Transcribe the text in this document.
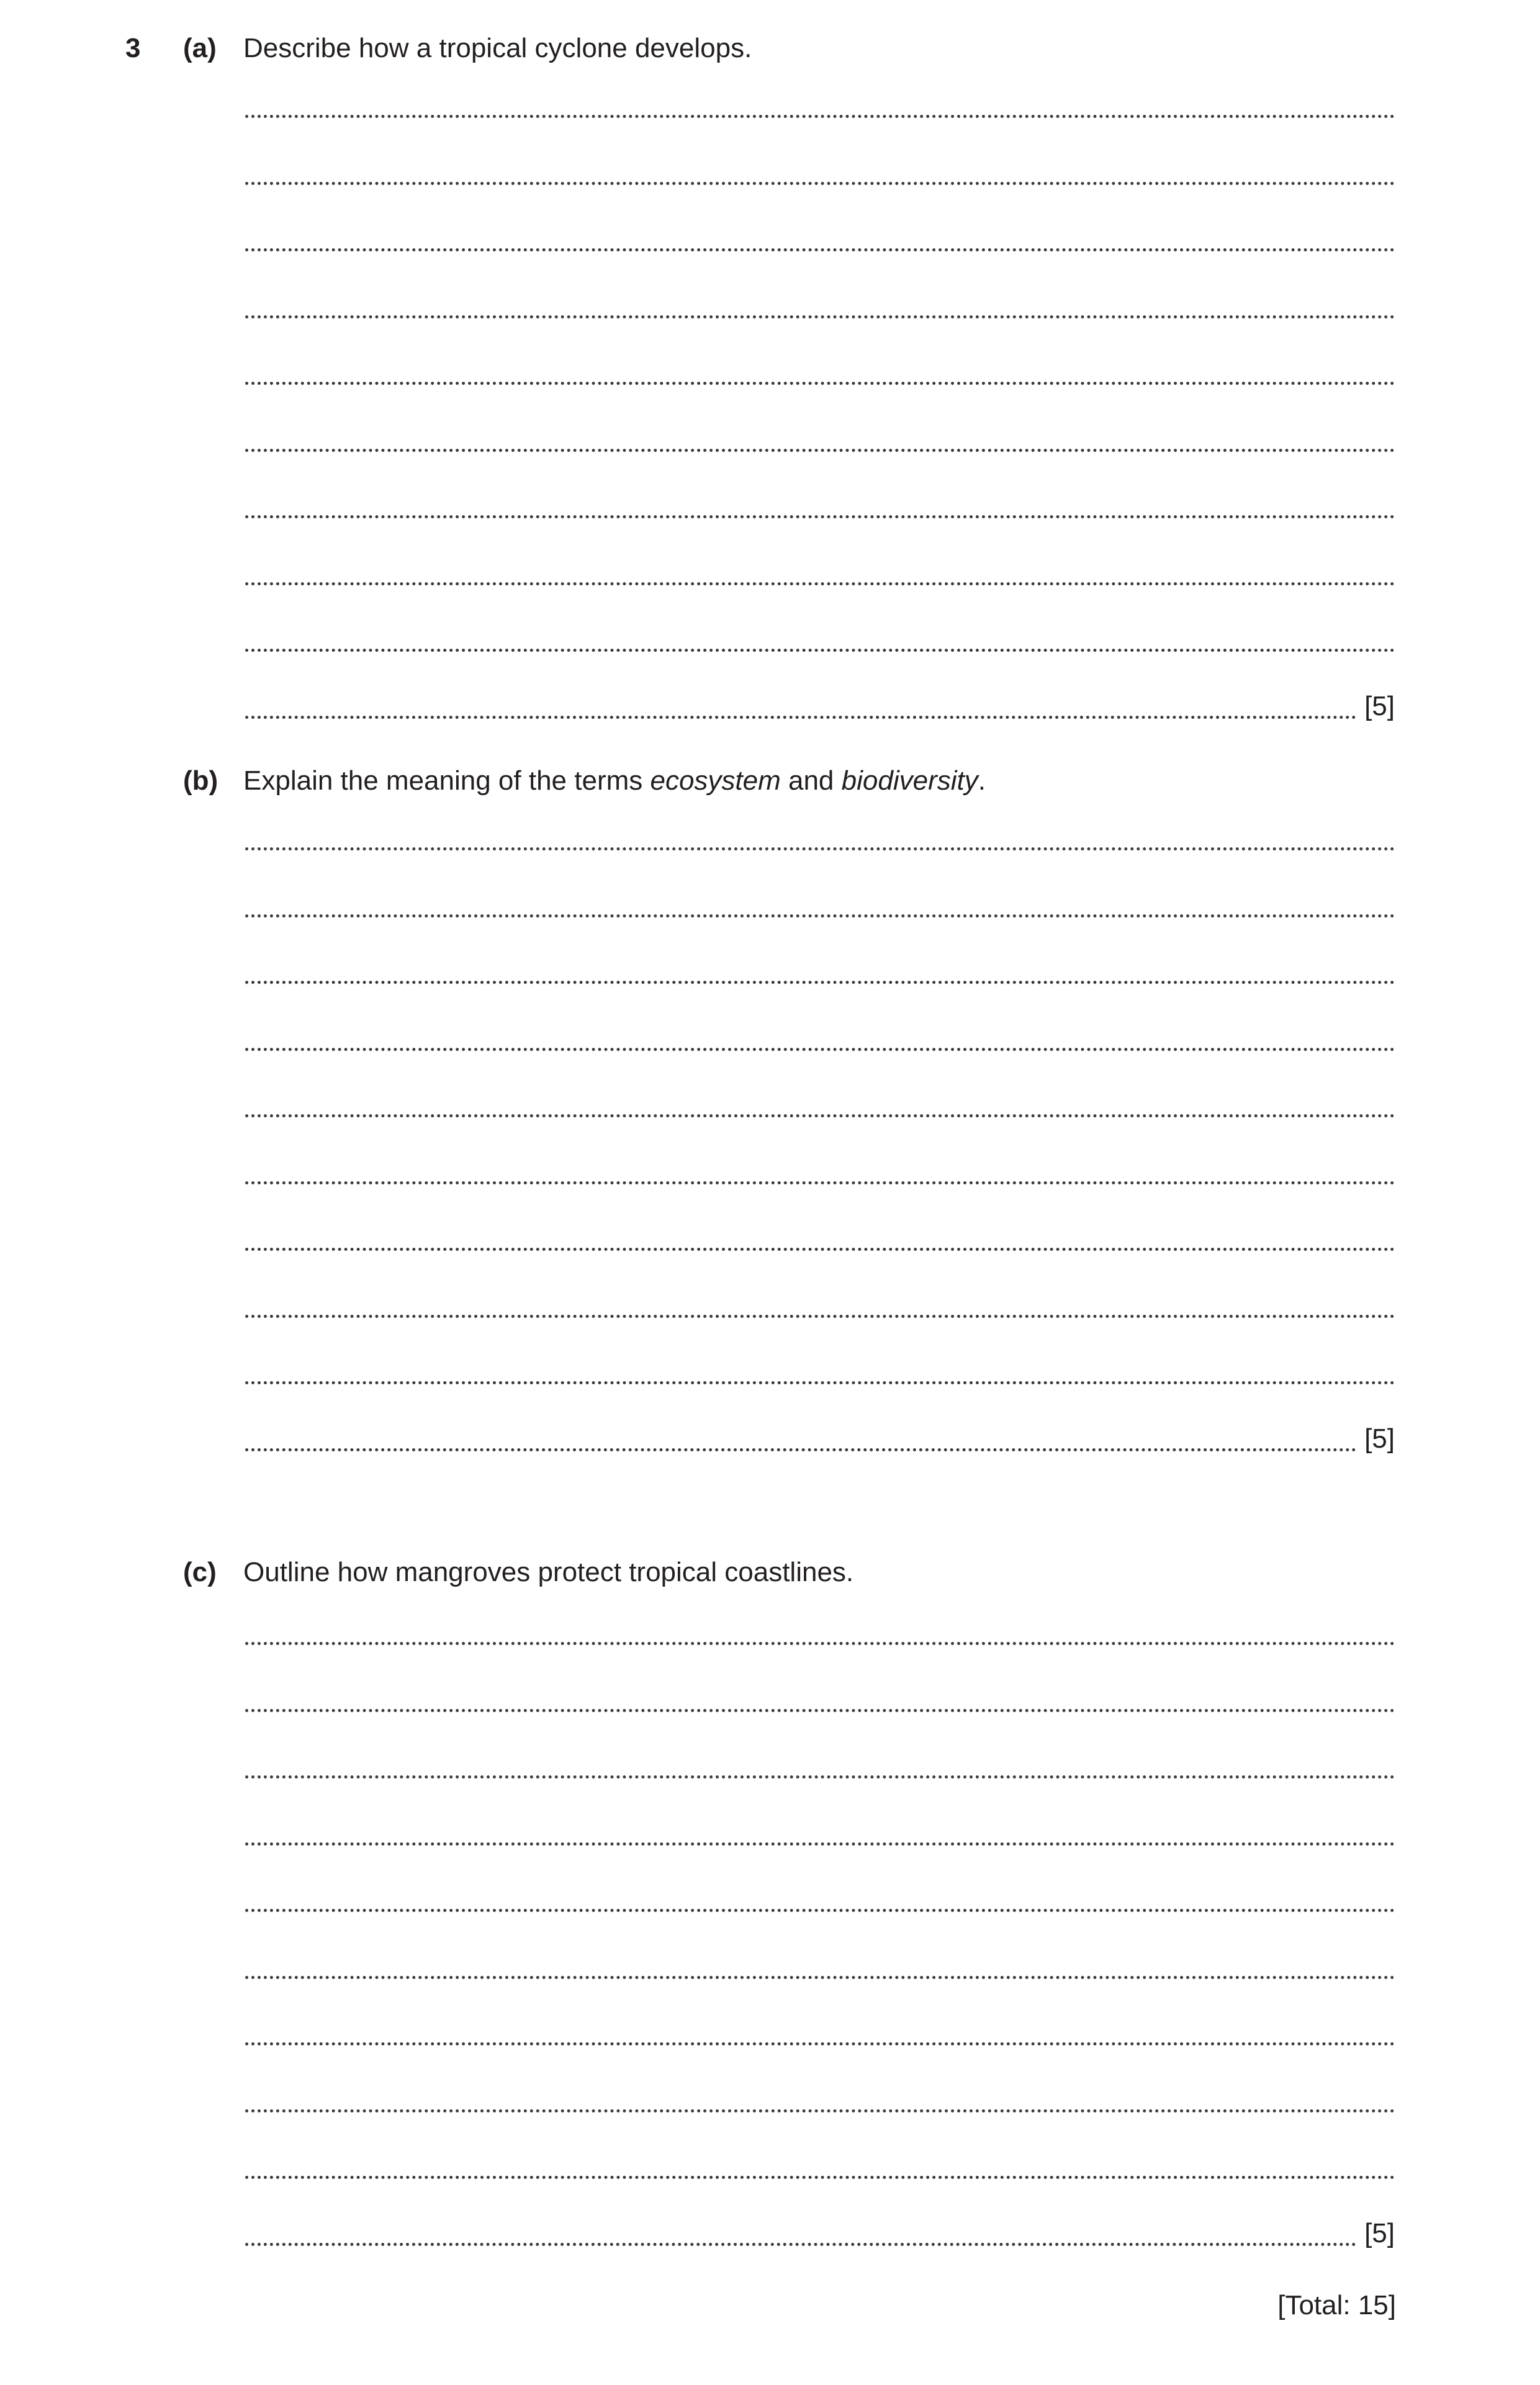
3 (a) Describe how a tropical cyclone develops.
[5]
(b) Explain the meaning of the terms ecosystem and biodiversity.
[5]
(c) Outline how mangroves protect tropical coastlines.
[5]
[Total: 15]
